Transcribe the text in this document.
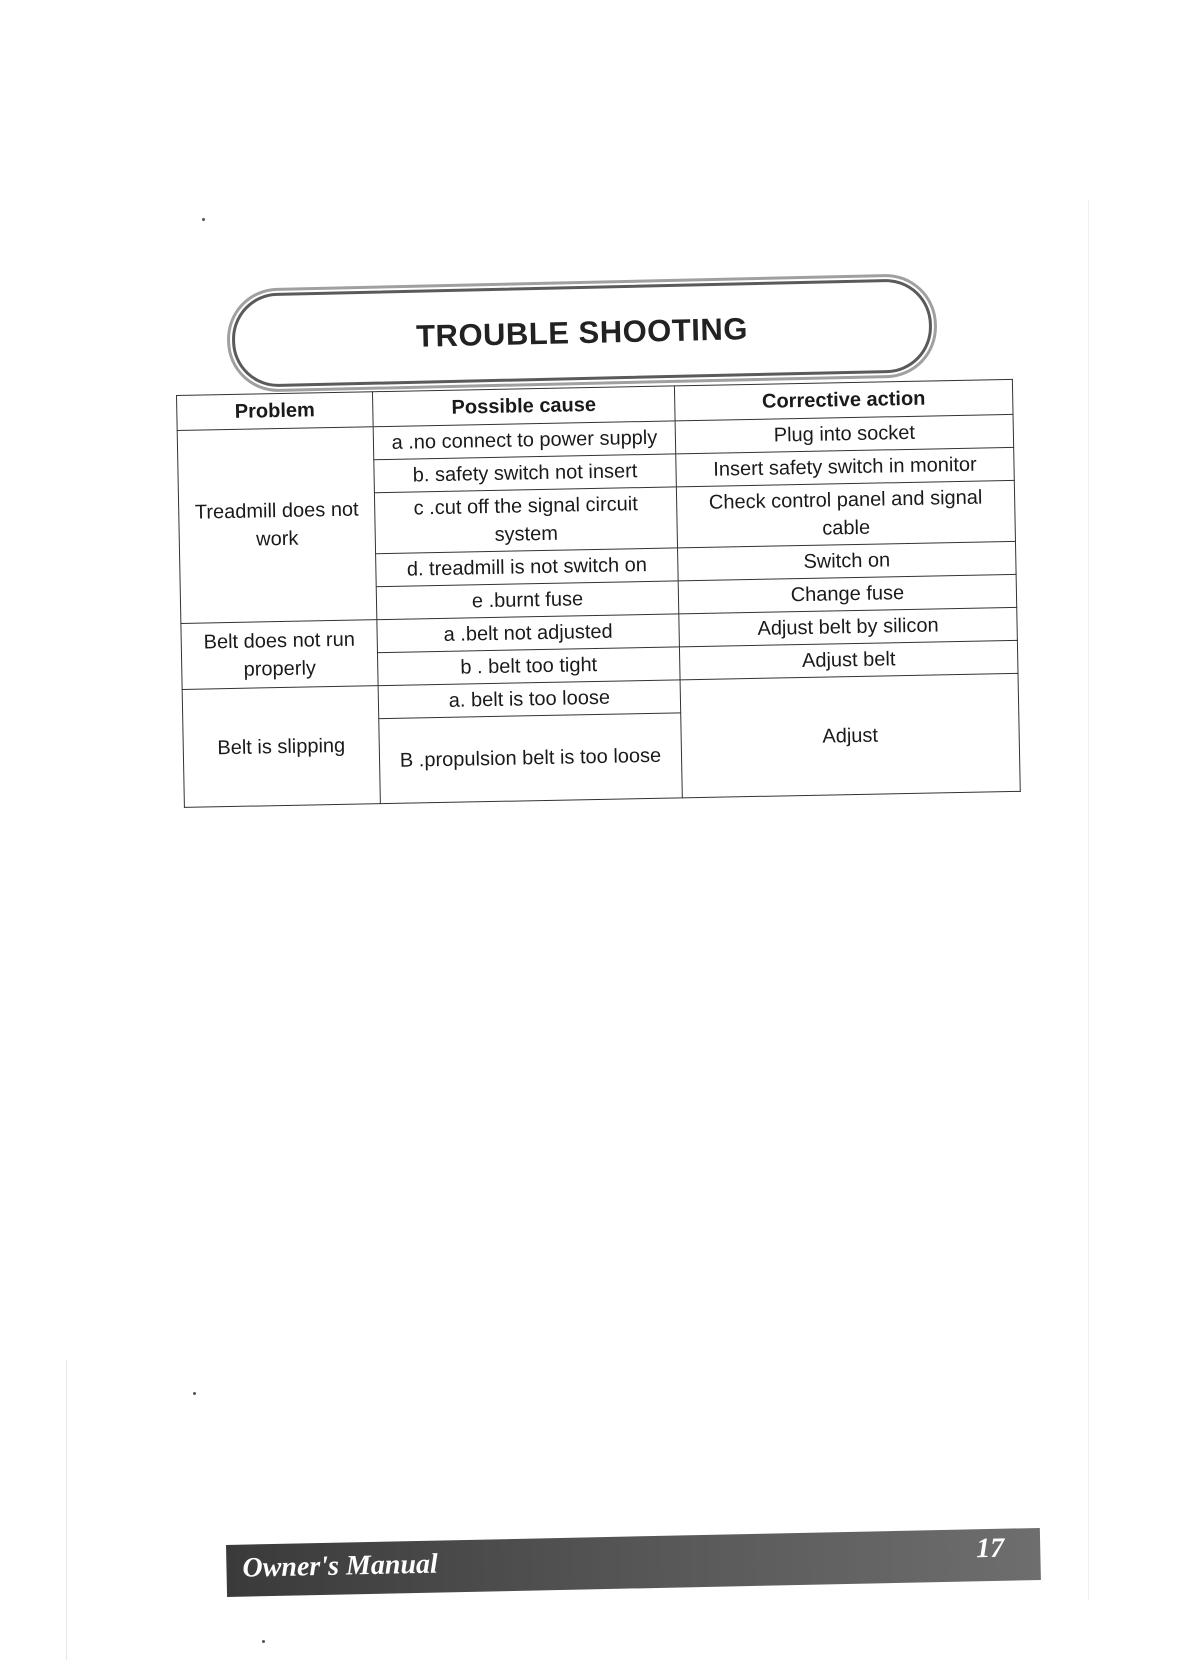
TROUBLE SHOOTING
Problem	Possible cause	Corrective action
Treadmill does not work	a .no connect to power supply	Plug into socket
	b. safety switch not insert	Insert safety switch in monitor
	c .cut off the signal circuit system	Check control panel and signal cable
	d. treadmill is not switch on	Switch on
	e .burnt fuse	Change fuse
Belt does not run properly	a .belt not adjusted	Adjust belt by silicon
	b . belt too tight	Adjust belt
Belt is slipping	a. belt is too loose	Adjust
	B .propulsion belt is too loose	
Owner's Manual
17
